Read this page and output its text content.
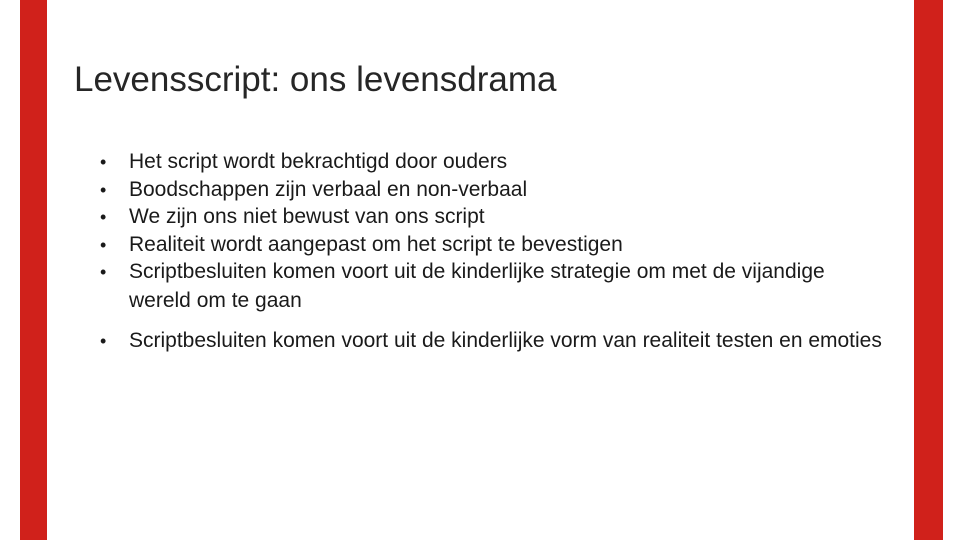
Levensscript: ons levensdrama
• Het script wordt bekrachtigd door ouders
• Boodschappen zijn verbaal en non-verbaal
• We zijn ons niet bewust van ons script
• Realiteit wordt aangepast om het script te bevestigen
• Scriptbesluiten komen voort uit de kinderlijke strategie om met de vijandige wereld om te gaan
• Scriptbesluiten komen voort uit de kinderlijke vorm van realiteit testen en emoties
